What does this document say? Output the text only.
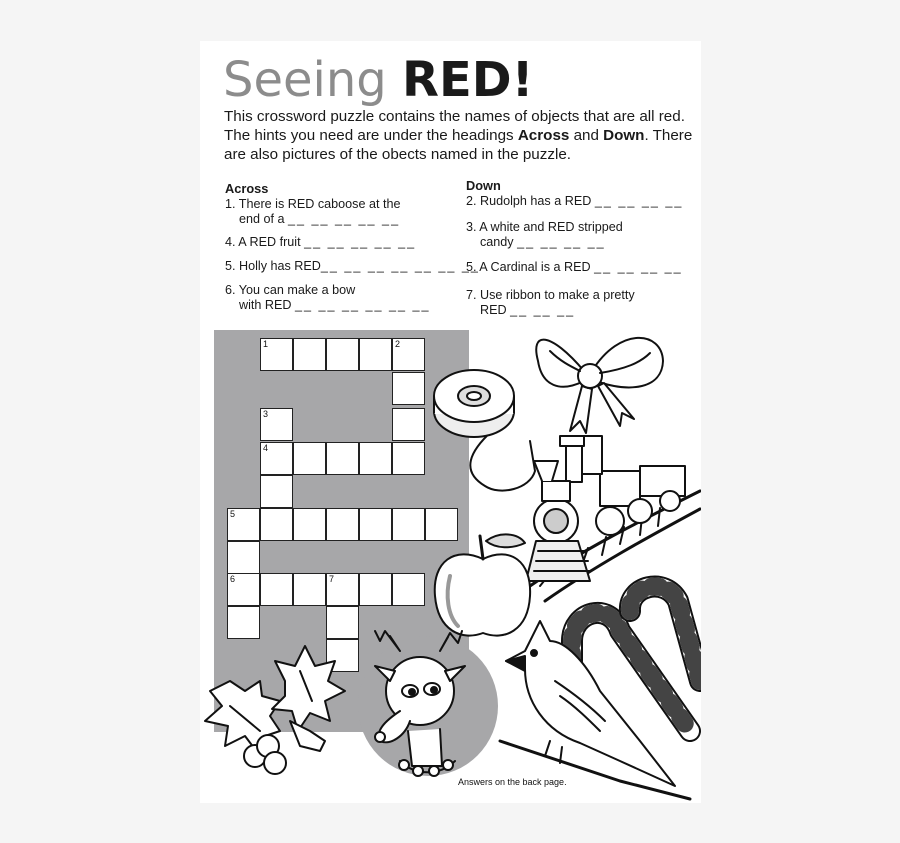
Seeing RED!
This crossword puzzle contains the names of objects that are all red. The hints you need are under the headings Across and Down. There are also pictures of the obects named in the puzzle.
Across
1. There is RED caboose at the
end of a __ __ __ __ __
4. A RED fruit __ __ __ __ __
5. Holly has RED__ __ __ __ __ __ __
6. You can make a bow
with RED __ __ __ __ __ __
Down
2. Rudolph has a RED __ __ __ __
3. A white and RED stripped
candy __ __ __ __
5. A Cardinal is a RED __ __ __ __
7. Use ribbon to make a pretty
RED __ __ __
1	2
3
4
5
6	7
Answers on the back page.
